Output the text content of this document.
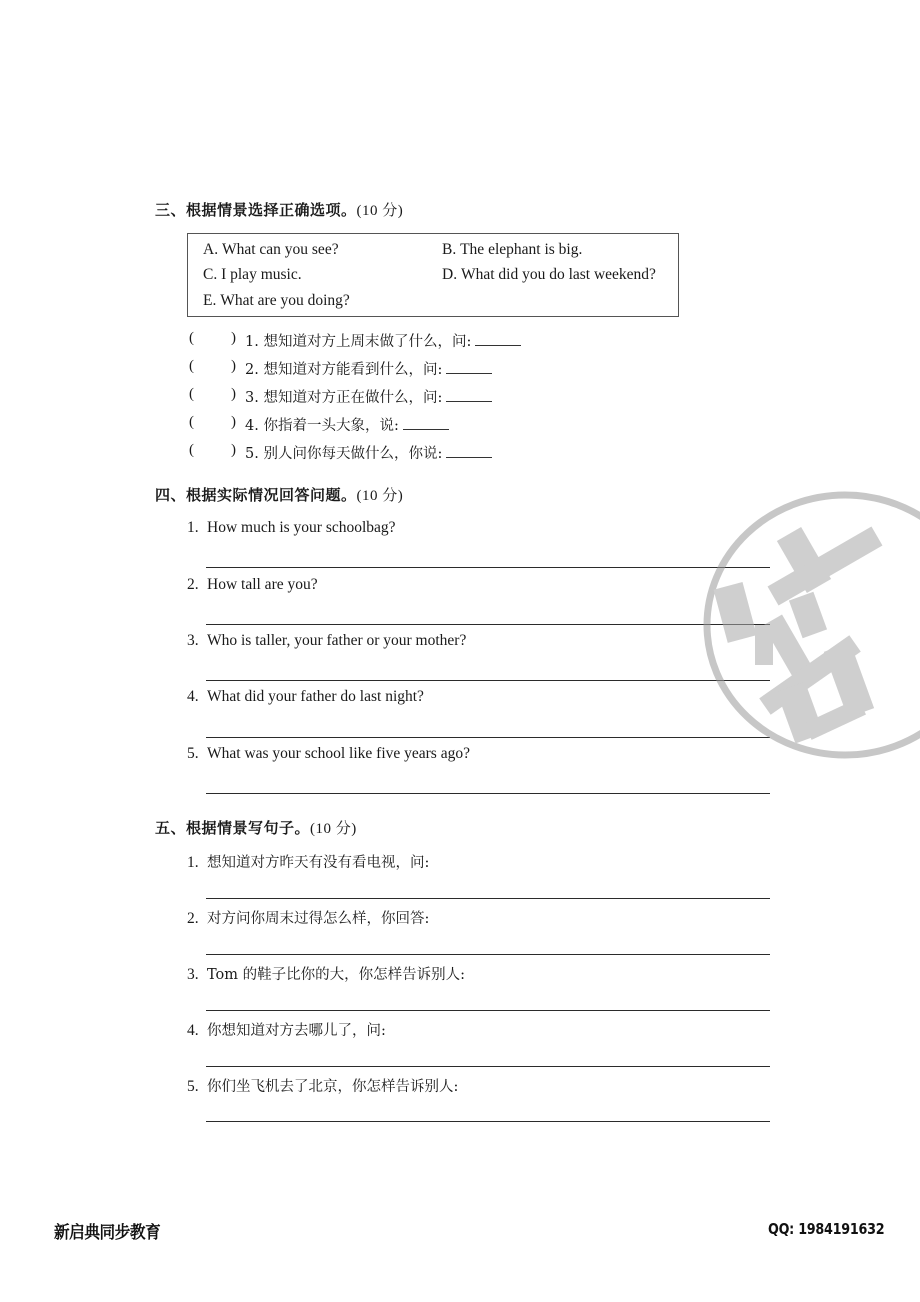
三、根据情景选择正确选项。(10 分)
A. What can you see?	B. The elephant is big.
C. I play music.	D. What did you do last weekend?
E. What are you doing?
( ) 1. 想知道对方上周末做了什么，问:
( ) 2. 想知道对方能看到什么，问:
( ) 3. 想知道对方正在做什么，问:
( ) 4. 你指着一头大象，说:
( ) 5. 别人问你每天做什么，你说:
四、根据实际情况回答问题。(10 分)
1. How much is your schoolbag?
2. How tall are you?
3. Who is taller, your father or your mother?
4. What did your father do last night?
5. What was your school like five years ago?
五、根据情景写句子。(10 分)
1. 想知道对方昨天有没有看电视，问:
2. 对方问你周末过得怎么样，你回答:
3. Tom 的鞋子比你的大，你怎样告诉别人:
4. 你想知道对方去哪儿了，问:
5. 你们坐飞机去了北京，你怎样告诉别人:
新启典同步教育	QQ: 1984191632
